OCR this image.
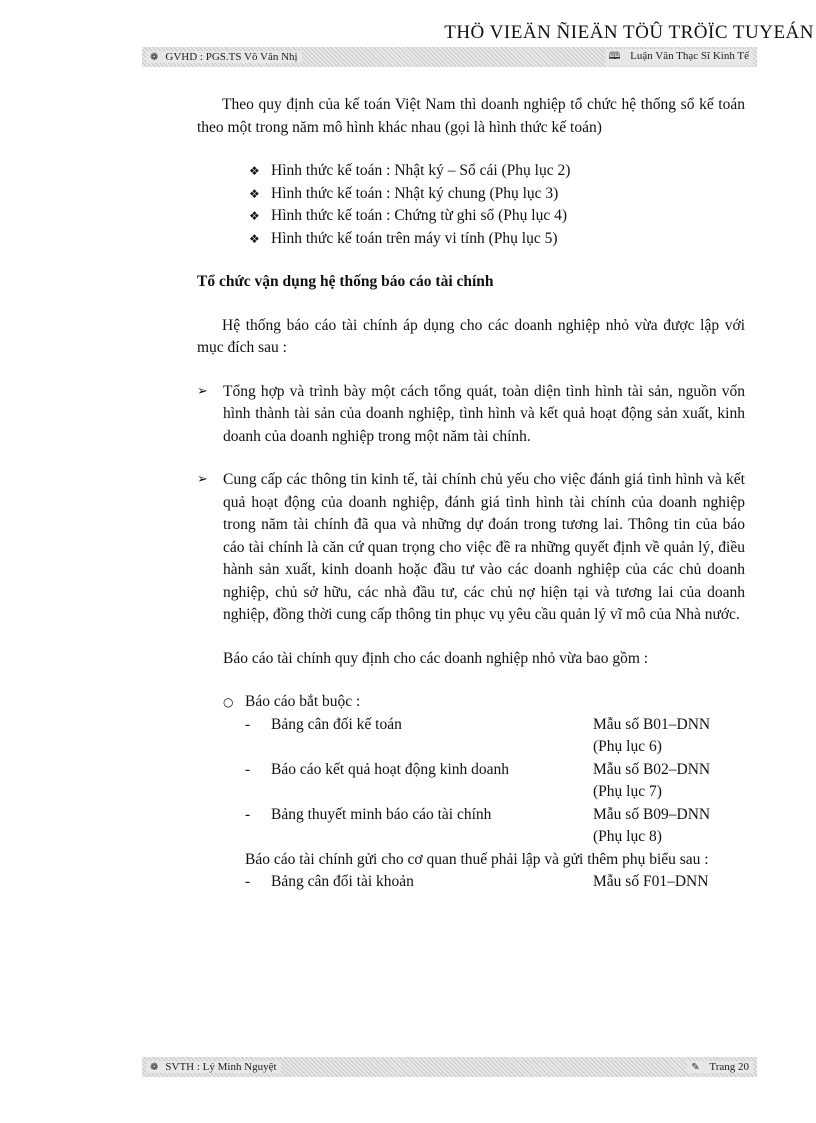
THÖ VIEÄN ÑIEÄN TÖÛ TRÖÏC TUYEÁN
❁ GVHD : PGS.TS Võ Văn Nhị	🕮 Luận Văn Thạc Sĩ Kinh Tế

Theo quy định của kế toán Việt Nam thì doanh nghiệp tổ chức hệ thống sổ kế toán theo một trong năm mô hình khác nhau (gọi là hình thức kế toán)

❖ Hình thức kế toán : Nhật ký – Sổ cái (Phụ lục 2)
❖ Hình thức kế toán : Nhật ký chung (Phụ lục 3)
❖ Hình thức kế toán : Chứng từ ghi sổ (Phụ lục 4)
❖ Hình thức kế toán trên máy vi tính (Phụ lục 5)

Tổ chức vận dụng hệ thống báo cáo tài chính

Hệ thống báo cáo tài chính áp dụng cho các doanh nghiệp nhỏ vừa được lập với mục đích sau :

➢ Tổng hợp và trình bày một cách tổng quát, toàn diện tình hình tài sản, nguồn vốn hình thành tài sản của doanh nghiệp, tình hình và kết quả hoạt động sản xuất, kinh doanh của doanh nghiệp trong một năm tài chính.
➢ Cung cấp các thông tin kinh tế, tài chính chủ yếu cho việc đánh giá tình hình và kết quả hoạt động của doanh nghiệp, đánh giá tình hình tài chính của doanh nghiệp trong năm tài chính đã qua và những dự đoán trong tương lai. Thông tin của báo cáo tài chính là căn cứ quan trọng cho việc đề ra những quyết định về quản lý, điều hành sản xuất, kinh doanh hoặc đầu tư vào các doanh nghiệp của các chủ doanh nghiệp, chủ sở hữu, các nhà đầu tư, các chủ nợ hiện tại và tương lai của doanh nghiệp, đồng thời cung cấp thông tin phục vụ yêu cầu quản lý vĩ mô của Nhà nước.

Báo cáo tài chính quy định cho các doanh nghiệp nhỏ vừa bao gồm :

○ Báo cáo bắt buộc :
-	Bảng cân đối kế toán	Mẫu số B01–DNN
(Phụ lục 6)
-	Báo cáo kết quả hoạt động kinh doanh	Mẫu số B02–DNN
(Phụ lục 7)
-	Bảng thuyết minh báo cáo tài chính	Mẫu số B09–DNN
(Phụ lục 8)

Báo cáo tài chính gửi cho cơ quan thuế phải lập và gửi thêm phụ biểu sau :

-	Bảng cân đối tài khoản	Mẫu số F01–DNN
❁ SVTH : Lý Minh Nguyệt	✎ Trang 20
